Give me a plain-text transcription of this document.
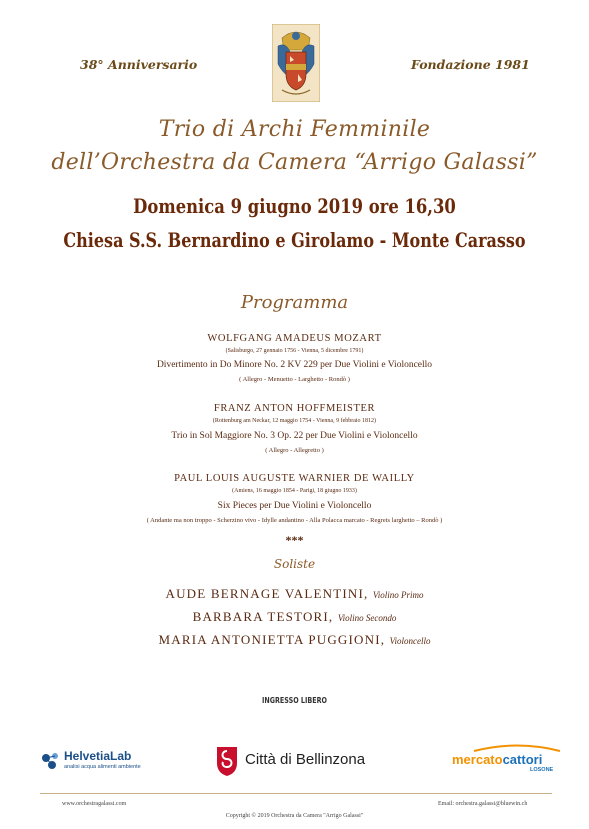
38° Anniversario	Fondazione 1981
Trio di Archi Femminile
dell’Orchestra da Camera “Arrigo Galassi”
Domenica 9 giugno 2019 ore 16,30
Chiesa S.S. Bernardino e Girolamo - Monte Carasso
Programma
WOLFGANG AMADEUS MOZART
(Salisburgo, 27 gennaio 1756 - Vienna, 5 dicembre 1791)
Divertimento in Do Minore No. 2 KV 229 per Due Violini e Violoncello
( Allegro - Menuetto - Larghetto - Rondò )
FRANZ ANTON HOFFMEISTER
(Rottenburg am Neckar, 12 maggio 1754 - Vienna, 9 febbraio 1812)
Trio in Sol Maggiore No. 3 Op. 22 per Due Violini e Violoncello
( Allegro - Allegretto )
PAUL LOUIS AUGUSTE WARNIER DE WAILLY
(Amiens, 16 maggio 1854 - Parigi, 18 giugno 1933)
Six Pieces per Due Violini e Violoncello
( Andante ma non troppo - Scherzino vivo - Idylle andantino - Alla Polacca marcato - Regrets larghetto – Rondò )
***
Soliste
AUDE BERNAGE VALENTINI, Violino Primo
BARBARA TESTORI, Violino Secondo
MARIA ANTONIETTA PUGGIONI, Violoncello
INGRESSO LIBERO
HelvetiaLab
analisi acqua alimenti ambiente	Città di Bellinzona	mercatocattori
LOSONE
www.orchestragalassi.com	Email: orchestra.galassi@bluewin.ch
Copyright © 2019 Orchestra da Camera "Arrigo Galassi"
